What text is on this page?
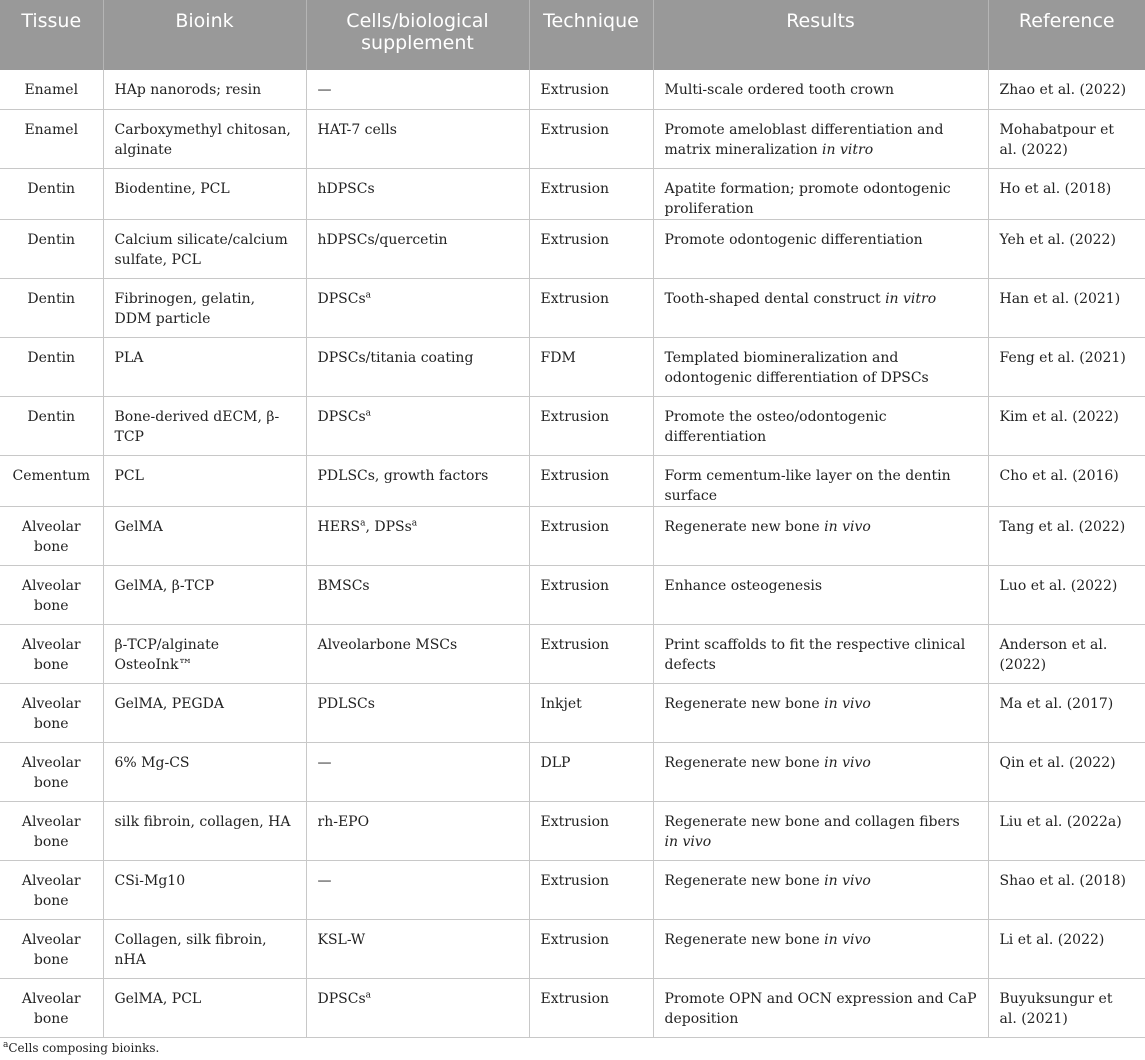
Tissue	Bioink	Cells/biological supplement	Technique	Results	Reference
Enamel	HAp nanorods; resin	—	Extrusion	Multi-scale ordered tooth crown	Zhao et al. (2022)
Enamel	Carboxymethyl chitosan, alginate	HAT-7 cells	Extrusion	Promote ameloblast differentiation and matrix mineralization in vitro	Mohabatpour et al. (2022)
Dentin	Biodentine, PCL	hDPSCs	Extrusion	Apatite formation; promote odontogenic proliferation	Ho et al. (2018)
Dentin	Calcium silicate/calcium sulfate, PCL	hDPSCs/quercetin	Extrusion	Promote odontogenic differentiation	Yeh et al. (2022)
Dentin	Fibrinogen, gelatin, DDM particle	DPSCs$^a$	Extrusion	Tooth-shaped dental construct in vitro	Han et al. (2021)
Dentin	PLA	DPSCs/titania coating	FDM	Templated biomineralization and odontogenic differentiation of DPSCs	Feng et al. (2021)
Dentin	Bone-derived dECM, β-TCP	DPSCs$^a$	Extrusion	Promote the osteo/odontogenic differentiation	Kim et al. (2022)
Cementum	PCL	PDLSCs, growth factors	Extrusion	Form cementum-like layer on the dentin surface	Cho et al. (2016)
Alveolar bone	GelMA	HERS$^a$, DPSs$^a$	Extrusion	Regenerate new bone in vivo	Tang et al. (2022)
Alveolar bone	GelMA, β-TCP	BMSCs	Extrusion	Enhance osteogenesis	Luo et al. (2022)
Alveolar bone	β-TCP/alginate OsteoInk™	Alveolarbone MSCs	Extrusion	Print scaffolds to fit the respective clinical defects	Anderson et al. (2022)
Alveolar bone	GelMA, PEGDA	PDLSCs	Inkjet	Regenerate new bone in vivo	Ma et al. (2017)
Alveolar bone	6% Mg-CS	—	DLP	Regenerate new bone in vivo	Qin et al. (2022)
Alveolar bone	silk fibroin, collagen, HA	rh-EPO	Extrusion	Regenerate new bone and collagen fibers in vivo	Liu et al. (2022a)
Alveolar bone	CSi-Mg10	—	Extrusion	Regenerate new bone in vivo	Shao et al. (2018)
Alveolar bone	Collagen, silk fibroin, nHA	KSL-W	Extrusion	Regenerate new bone in vivo	Li et al. (2022)
Alveolar bone	GelMA, PCL	DPSCs$^a$	Extrusion	Promote OPN and OCN expression and CaP deposition	Buyuksungur et al. (2021)
$^a$Cells composing bioinks.
